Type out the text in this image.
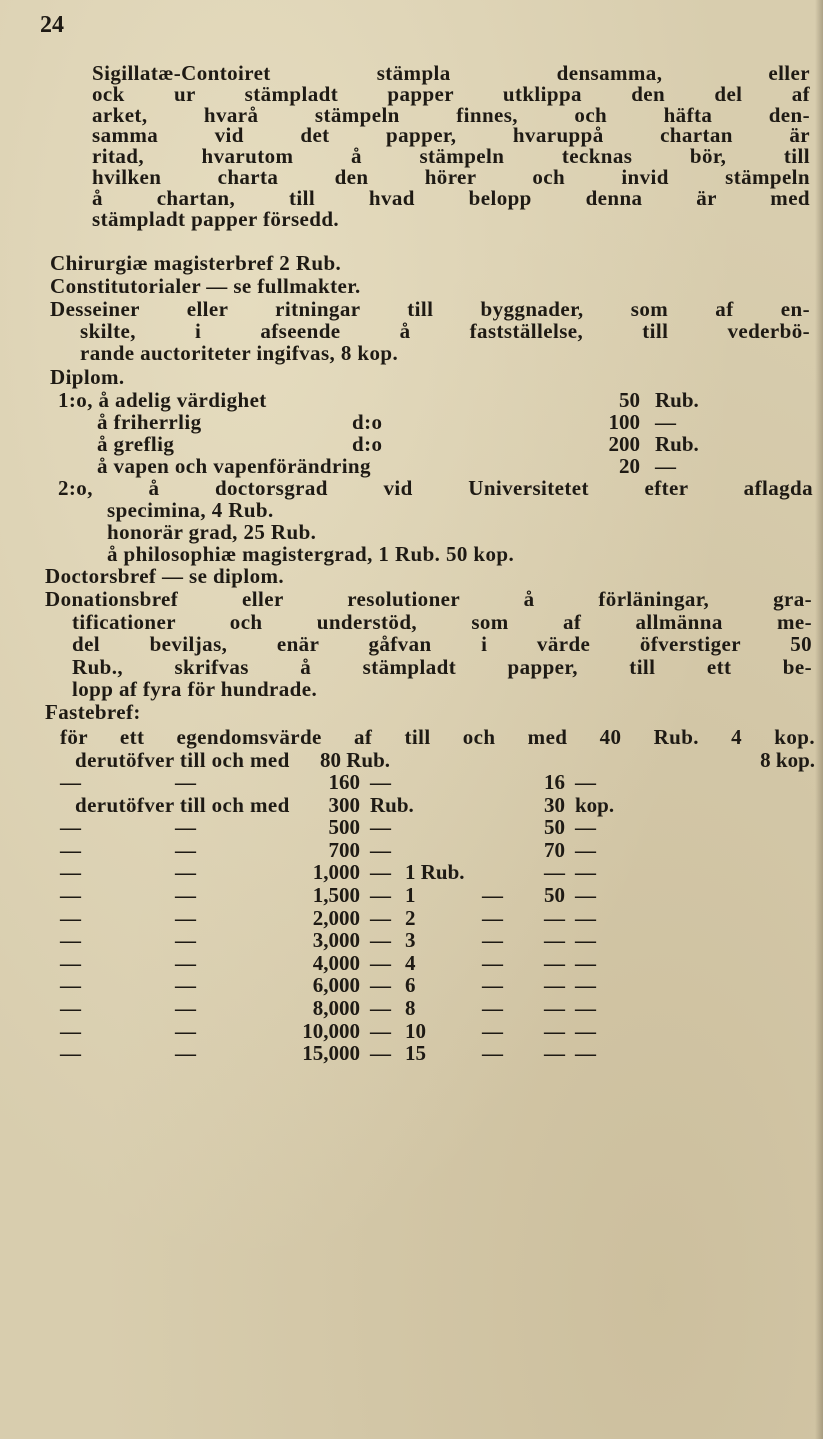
24
Sigillatæ-Contoiret stämpla densamma, eller
ock ur stämpladt papper utklippa den del af
arket, hvarå stämpeln finnes, och häfta den-
samma vid det papper, hvaruppå chartan är
ritad, hvarutom å stämpeln tecknas bör, till
hvilken charta den hörer och invid stämpeln
å chartan, till hvad belopp denna är med
stämpladt papper försedd.
Chirurgiæ magisterbref 2 Rub.
Constitutorialer — se fullmakter.
Desseiner eller ritningar till byggnader, som af en-
skilte, i afseende å fastställelse, till vederbö-
rande auctoriteter ingifvas, 8 kop.
Diplom.
1:o, å adelig värdighet	50 Rub.
å friherrlig	d:o	100 —
å greflig	d:o	200 Rub.
å vapen och vapenförändring	20 —
2:o, å doctorsgrad vid Universitetet efter aflagda
specimina, 4 Rub.
honorär grad, 25 Rub.
å philosophiæ magistergrad, 1 Rub. 50 kop.
Doctorsbref — se diplom.
Donationsbref eller resolutioner å förläningar, gra-
tificationer och understöd, som af allmänna me-
del beviljas, enär gåfvan i värde öfverstiger 50
Rub., skrifvas å stämpladt papper, till ett be-
lopp af fyra för hundrade.
Fastebref:
för ett egendomsvärde af till och med 40 Rub. 4 kop.
derutöfver till och med 80 Rub.	8 kop.
—	—	160 —	16 —
derutöfver till och med	300 Rub.	30 kop.
—	—	500 —	50 —
—	—	700 —	70 —
—	—	1,000 — 1 Rub.	— —
—	—	1,500 — 1	—	50 —
—	—	2,000 — 2	—	— —
—	—	3,000 — 3	—	— —
—	—	4,000 — 4	—	— —
—	—	6,000 — 6	—	— —
—	—	8,000 — 8	—	— —
—	—	10,000 — 10	—	— —
—	—	15,000 — 15	—	— —
